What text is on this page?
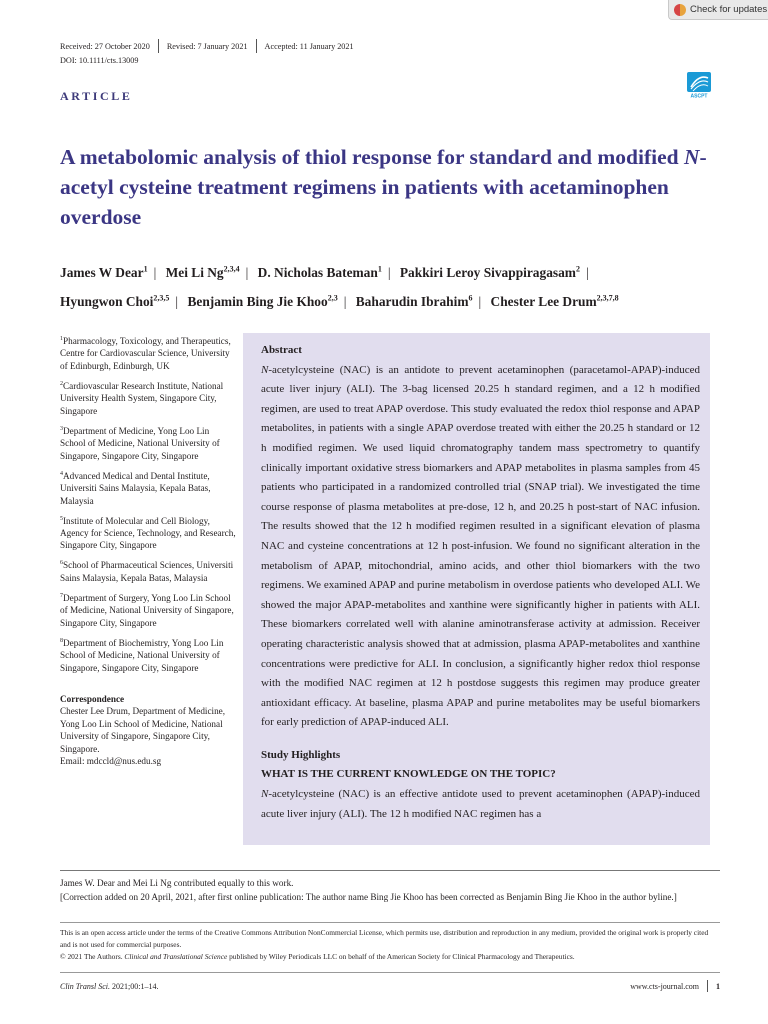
Check for updates
Received: 27 October 2020 Revised: 7 January 2021 Accepted: 11 January 2021
DOI: 10.1111/cts.13009
ARTICLE	ASCPT
A metabolomic analysis of thiol response for standard and modified N-acetyl cysteine treatment regimens in patients with acetaminophen overdose
James W Dear$^1$ | Mei Li Ng$^{2,3,4}$ | D. Nicholas Bateman$^1$ | Pakkiri Leroy Sivappiragasam$^2$ |
Hyungwon Choi$^{2,3,5}$ | Benjamin Bing Jie Khoo$^{2,3}$ | Baharudin Ibrahim$^6$ | Chester Lee Drum$^{2,3,7,8}$

$^1$Pharmacology, Toxicology, and Therapeutics, Centre for Cardiovascular Science, University of Edinburgh, Edinburgh, UK

$^2$Cardiovascular Research Institute, National University Health System, Singapore City, Singapore

$^3$Department of Medicine, Yong Loo Lin School of Medicine, National University of Singapore, Singapore City, Singapore

$^4$Advanced Medical and Dental Institute, Universiti Sains Malaysia, Kepala Batas, Malaysia

$^5$Institute of Molecular and Cell Biology, Agency for Science, Technology, and Research, Singapore City, Singapore

$^6$School of Pharmaceutical Sciences, Universiti Sains Malaysia, Kepala Batas, Malaysia

$^7$Department of Surgery, Yong Loo Lin School of Medicine, National University of Singapore, Singapore City, Singapore

$^8$Department of Biochemistry, Yong Loo Lin School of Medicine, National University of Singapore, Singapore City, Singapore

Correspondence
Chester Lee Drum, Department of Medicine, Yong Loo Lin School of Medicine, National University of Singapore, Singapore City, Singapore.
Email: mdccld@nus.edu.sg

Abstract

N-acetylcysteine (NAC) is an antidote to prevent acetaminophen (paracetamol-APAP)-induced acute liver injury (ALI). The 3-bag licensed 20.25 h standard regimen, and a 12 h modified regimen, are used to treat APAP overdose. This study evaluated the redox thiol response and APAP metabolites, in patients with a single APAP overdose treated with either the 20.25 h standard or 12 h modified regimen. We used liquid chromatography tandem mass spectrometry to quantify clinically important oxidative stress biomarkers and APAP metabolites in plasma samples from 45 patients who participated in a randomized controlled trial (SNAP trial). We investigated the time course response of plasma metabolites at pre-dose, 12 h, and 20.25 h post-start of NAC infusion. The results showed that the 12 h modified regimen resulted in a significant elevation of plasma NAC and cysteine concentrations at 12 h post-infusion. We found no significant alteration in the metabolism of APAP, mitochondrial, amino acids, and other thiol biomarkers with the two regimens. We examined APAP and purine metabolism in overdose patients who developed ALI. We showed the major APAP-metabolites and xanthine were significantly higher in patients with ALI. These biomarkers correlated well with alanine aminotransferase activity at admission. Receiver operating characteristic analysis showed that at admission, plasma APAP-metabolites and xanthine concentrations were predictive for ALI. In conclusion, a significantly higher redox thiol response with the modified NAC regimen at 12 h postdose suggests this regimen may produce greater antioxidant efficacy. At baseline, plasma APAP and purine metabolites may be useful biomarkers for early prediction of APAP-induced ALI.

Study Highlights

WHAT IS THE CURRENT KNOWLEDGE ON THE TOPIC?

N-acetylcysteine (NAC) is an effective antidote used to prevent acetaminophen (APAP)-induced acute liver injury (ALI). The 12 h modified NAC regimen has a

James W. Dear and Mei Li Ng contributed equally to this work.
[Correction added on 20 April, 2021, after first online publication: The author name Bing Jie Khoo has been corrected as Benjamin Bing Jie Khoo in the author byline.]
This is an open access article under the terms of the Creative Commons Attribution NonCommercial License, which permits use, distribution and reproduction in any medium, provided the original work is properly cited and is not used for commercial purposes.
© 2021 The Authors. Clinical and Translational Science published by Wiley Periodicals LLC on behalf of the American Society for Clinical Pharmacology and Therapeutics.
Clin Transl Sci. 2021;00:1–14.	www.cts-journal.com 1
